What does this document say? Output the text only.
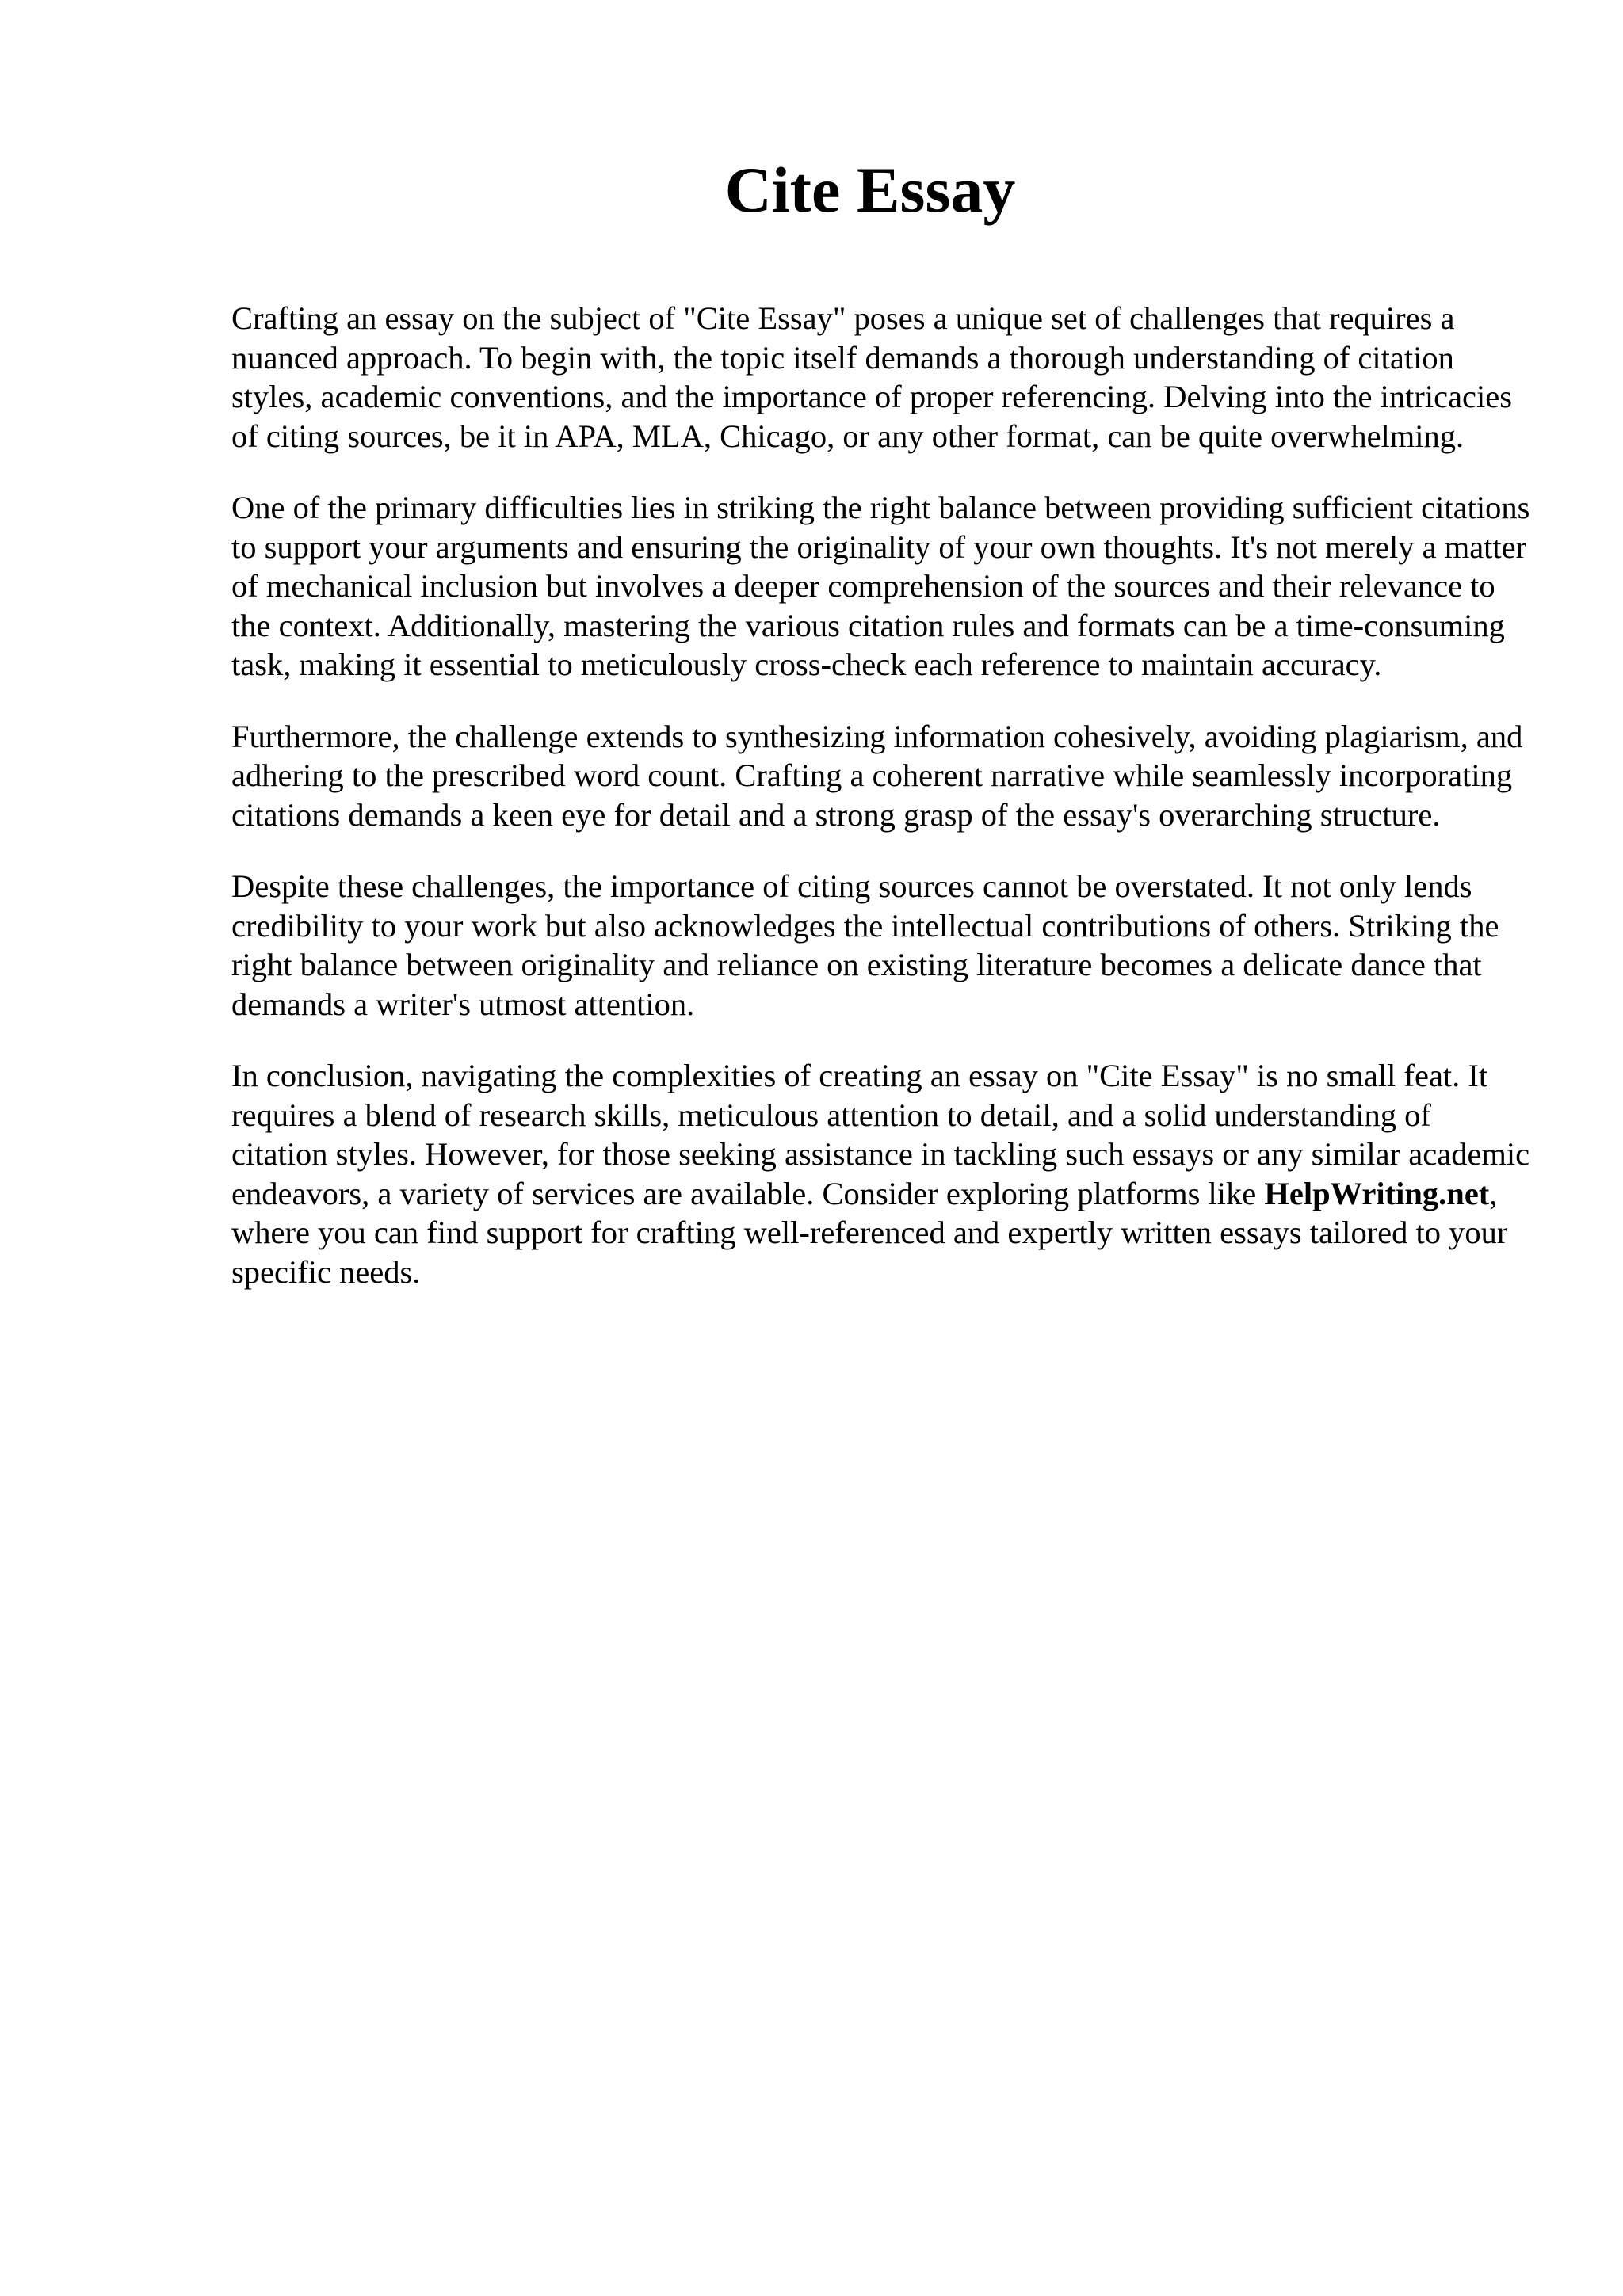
Cite Essay

Crafting an essay on the subject of "Cite Essay" poses a unique set of challenges that requires a nuanced approach. To begin with, the topic itself demands a thorough understanding of citation styles, academic conventions, and the importance of proper referencing. Delving into the intricacies of citing sources, be it in APA, MLA, Chicago, or any other format, can be quite overwhelming.

One of the primary difficulties lies in striking the right balance between providing sufficient citations to support your arguments and ensuring the originality of your own thoughts. It's not merely a matter of mechanical inclusion but involves a deeper comprehension of the sources and their relevance to the context. Additionally, mastering the various citation rules and formats can be a time-consuming task, making it essential to meticulously cross-check each reference to maintain accuracy.

Furthermore, the challenge extends to synthesizing information cohesively, avoiding plagiarism, and adhering to the prescribed word count. Crafting a coherent narrative while seamlessly incorporating citations demands a keen eye for detail and a strong grasp of the essay's overarching structure.

Despite these challenges, the importance of citing sources cannot be overstated. It not only lends credibility to your work but also acknowledges the intellectual contributions of others. Striking the right balance between originality and reliance on existing literature becomes a delicate dance that demands a writer's utmost attention.

In conclusion, navigating the complexities of creating an essay on "Cite Essay" is no small feat. It requires a blend of research skills, meticulous attention to detail, and a solid understanding of citation styles. However, for those seeking assistance in tackling such essays or any similar academic endeavors, a variety of services are available. Consider exploring platforms like HelpWriting.net, where you can find support for crafting well-referenced and expertly written essays tailored to your specific needs.
